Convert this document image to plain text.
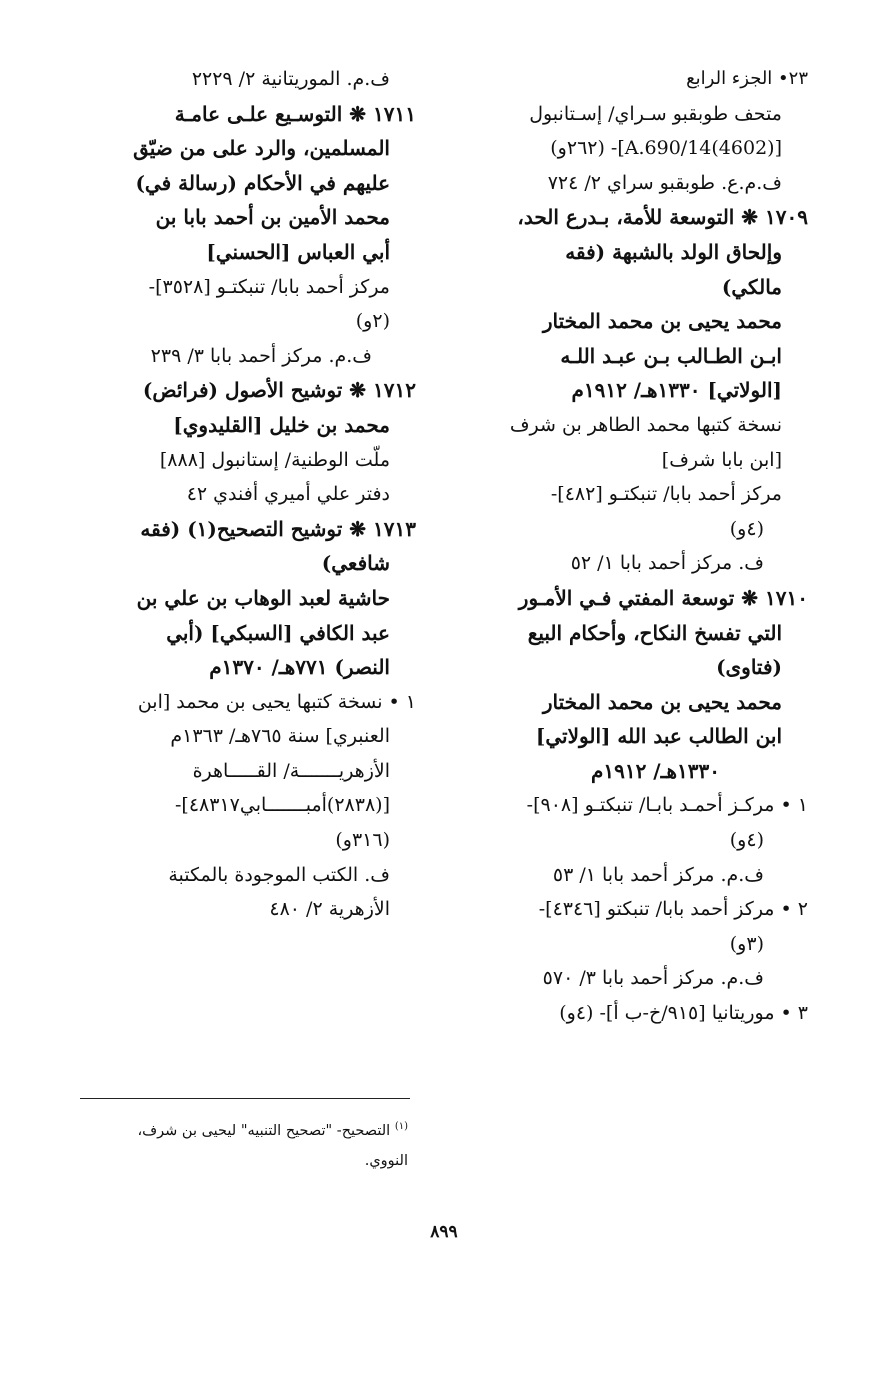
٢٣• الجزء الرابع
متحف طوبقبو سـراي/ إسـتانبول
[A.690/14(4602)]- (٢٦٢و)
ف.م.ع. طوبقبو سراي ٢/ ٧٢٤
١٧٠٩ ❋ التوسعة للأمة، بـدرع الحد،
وإلحاق الولد بالشبهة (فقه
مالكي)
محمد يحيى بن محمد المختار
ابـن الطـالب بـن عبـد اللـه
[الولاتي] ١٣٣٠هـ/ ١٩١٢م
نسخة كتبها محمد الطاهر بن شرف
[ابن بابا شرف]
مركز أحمد بابا/ تنبكتـو [٤٨٢]-
(٤و)
ف. مركز أحمد بابا ١/ ٥٢
١٧١٠ ❋ توسعة المفتي فـي الأمـور
التي تفسخ النكاح، وأحكام البيع
(فتاوى)
محمد يحيى بن محمد المختار
ابن الطالب عبد الله [الولاتي]
١٣٣٠هـ/ ١٩١٢م
١ • مركـز أحمـد بابـا/ تنبكتـو [٩٠٨]-
(٤و)
ف.م. مركز أحمد بابا ١/ ٥٣
٢ • مركز أحمد بابا/ تنبكتو [٤٣٤٦]-
(٣و)
ف.م. مركز أحمد بابا ٣/ ٥٧٠
٣ • موريتانيا [٩١٥/خ-ب أ]- (٤و)
ف.م. الموريتانية ٢/ ٢٢٢٩
١٧١١ ❋ التوسـيع علـى عامـة
المسلمين، والرد على من ضيّق
عليهم في الأحكام (رسالة في)
محمد الأمين بن أحمد بابا بن
أبي العباس [الحسني]
مركز أحمد بابا/ تنبكتـو [٣٥٢٨]-
(٢و)
ف.م. مركز أحمد بابا ٣/ ٢٣٩
١٧١٢ ❋ توشيح الأصول (فرائض)
محمد بن خليل [القليدوي]
ملّت الوطنية/ إستانبول [٨٨٨]
دفتر علي أميري أفندي ٤٢
١٧١٣ ❋ توشيح التصحيح(١) (فقه
شافعي)
حاشية لعبد الوهاب بن علي بن
عبد الكافي [السبكي] (أبي
النصر) ٧٧١هـ/ ١٣٧٠م
١ • نسخة كتبها يحيى بن محمد [ابن
العنبري] سنة ٧٦٥هـ/ ١٣٦٣م
الأزهريـــــــة/ القـــــاهرة
[(٢٨٣٨)أمبـــــــابي٤٨٣١٧]-
(٣١٦و)
ف. الكتب الموجودة بالمكتبة
الأزهرية ٢/ ٤٨٠
$^{(١)}$ التصحيح- "تصحيح التنبيه" ليحيى بن شرف،
النووي.
٨٩٩
